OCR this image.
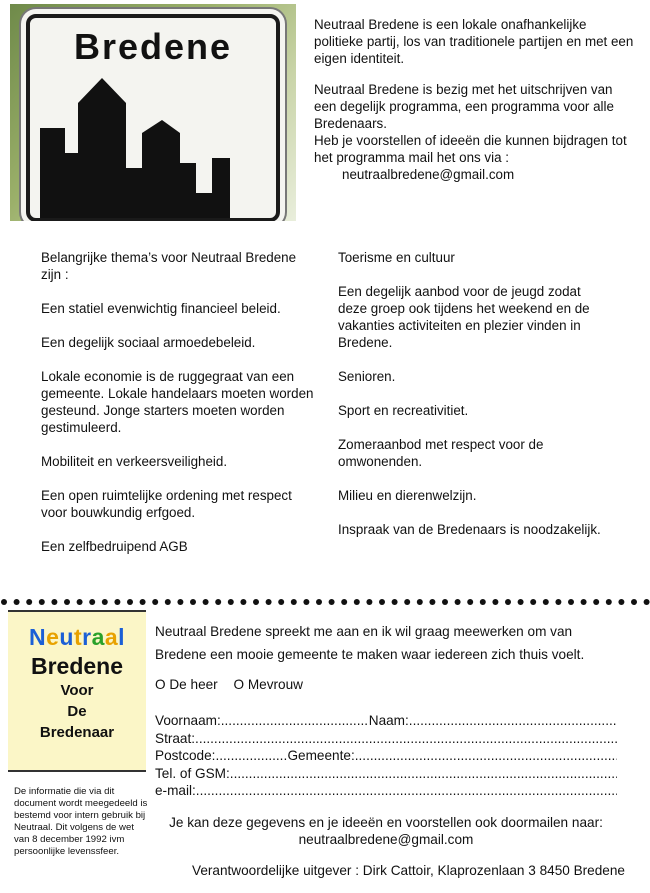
Bredene

Neutraal Bredene is een lokale onafhankelijke politieke partij, los van traditionele partijen en met een eigen identiteit.

Neutraal Bredene is bezig met het uitschrijven van een degelijk programma, een programma voor alle Bredenaars.
Heb je voorstellen of ideeën die kunnen bijdragen tot het programma mail het ons via :
neutraalbredene@gmail.com

Belangrijke thema’s voor Neutraal Bredene zijn :

Een statiel evenwichtig financieel beleid.

Een degelijk sociaal armoedebeleid.

Lokale economie is de ruggegraat van een gemeente. Lokale handelaars moeten worden gesteund. Jonge starters moeten worden gestimuleerd.

Mobiliteit en verkeersveiligheid.

Een open ruimtelijke ordening met respect voor bouwkundig erfgoed.

Een zelfbedruipend AGB

Toerisme en cultuur

Een degelijk aanbod voor de jeugd zodat deze groep ook tijdens het weekend en de vakanties activiteiten en plezier vinden in Bredene.

Senioren.

Sport en recreativitiet.

Zomeraanbod met respect voor de omwonenden.

Milieu en dierenwelzijn.

Inspraak van de Bredenaars is noodzakelijk.

Neutraal
Bredene
Voor
De
Bredenaar
De informatie die via dit document wordt meegedeeld is bestemd voor intern gebruik bij Neutraal. Dit volgens de wet van 8 december 1992 ivm persoonlijke levenssfeer.
Neutraal Bredene spreekt me aan en ik wil graag meewerken om van
Bredene een mooie gemeente te maken waar iedereen zich thuis voelt.
O De heer O Mevrouw
Voornaam: .....	Naam:
.....
Straat:
.....
Postcode: .....	Gemeente:
.....
Tel. of GSM:
.....
e-mail:
.....
Je kan deze gegevens en je ideeën en voorstellen ook doormailen naar:
neutraalbredene@gmail.com
Verantwoordelijke uitgever : Dirk Cattoir, Klaprozenlaan 3 8450 Bredene
